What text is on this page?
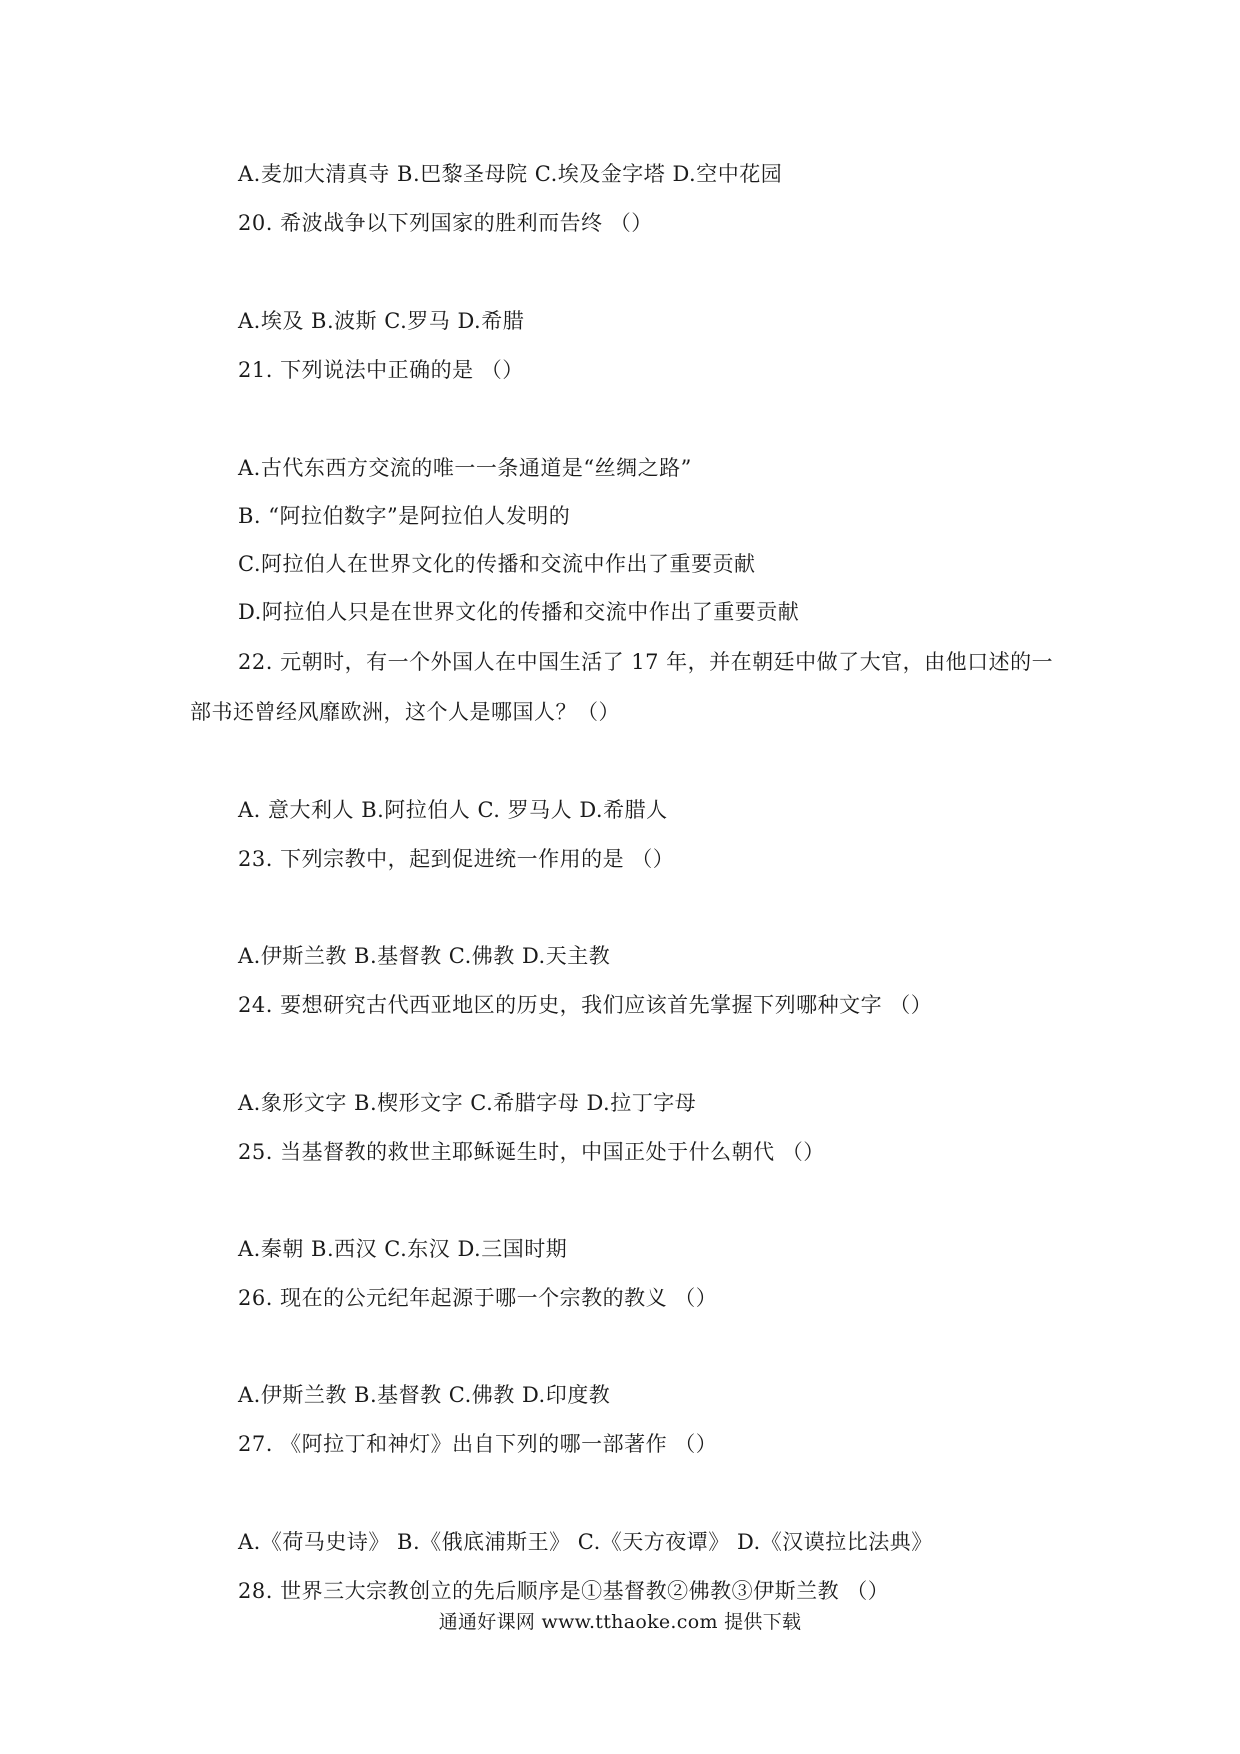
A.麦加大清真寺 B.巴黎圣母院 C.埃及金字塔 D.空中花园
20. 希波战争以下列国家的胜利而告终 （）
A.埃及 B.波斯 C.罗马 D.希腊
21. 下列说法中正确的是 （）
A.古代东西方交流的唯一一条通道是“丝绸之路”
B. “阿拉伯数字”是阿拉伯人发明的
C.阿拉伯人在世界文化的传播和交流中作出了重要贡献
D.阿拉伯人只是在世界文化的传播和交流中作出了重要贡献
22. 元朝时，有一个外国人在中国生活了 17 年，并在朝廷中做了大官，由他口述的一
部书还曾经风靡欧洲，这个人是哪国人？（）
A. 意大利人 B.阿拉伯人 C. 罗马人 D.希腊人
23. 下列宗教中，起到促进统一作用的是 （）
A.伊斯兰教 B.基督教 C.佛教 D.天主教
24. 要想研究古代西亚地区的历史，我们应该首先掌握下列哪种文字 （）
A.象形文字 B.楔形文字 C.希腊字母 D.拉丁字母
25. 当基督教的救世主耶稣诞生时，中国正处于什么朝代 （）
A.秦朝 B.西汉 C.东汉 D.三国时期
26. 现在的公元纪年起源于哪一个宗教的教义 （）
A.伊斯兰教 B.基督教 C.佛教 D.印度教
27. 《阿拉丁和神灯》出自下列的哪一部著作 （）
A.《荷马史诗》 B.《俄底浦斯王》 C.《天方夜谭》 D.《汉谟拉比法典》
28. 世界三大宗教创立的先后顺序是①基督教②佛教③伊斯兰教 （）
通通好课网 www.tthaoke.com 提供下载
